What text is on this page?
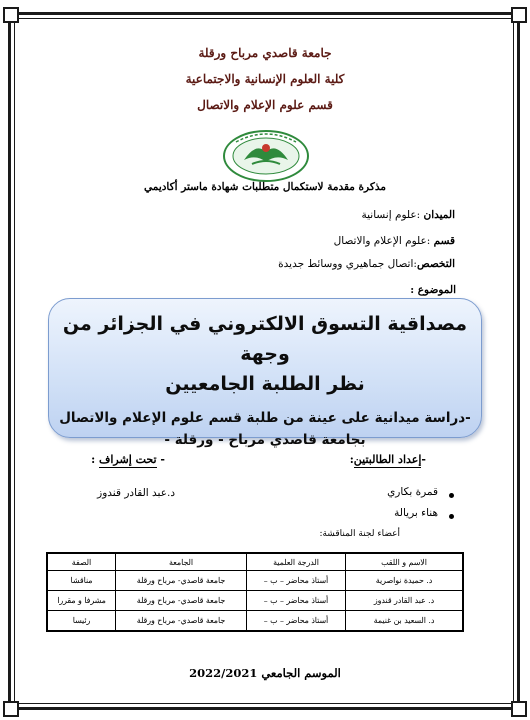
جامعة قاصدي مرباح ورقلة
كلية العلوم الإنسانية والاجتماعية
قسم علوم الإعلام والاتصال
مذكرة مقدمة لاستكمال متطلبات شهادة ماستر أكاديمي
الميدان :علوم إنسانية
قسم :علوم الإعلام والاتصال
التخصص:اتصال جماهيري ووسائط جديدة
الموضوع :
مصداقية التسوق الالكتروني في الجزائر من وجهة
نظر الطلبة الجامعيين
-دراسة ميدانية على عينة من طلبة قسم علوم الإعلام والاتصال
بجامعة قاصدي مرباح - ورقلة -
-إعداد الطالبتين:
- تحت إشراف :
قمرة بكاري
هناء بريالة
د.عبد القادر قندوز
أعضاء لجنة المناقشة:
الاسم و اللقب	الدرجة العلمية	الجامعة	الصفة
د. حميدة نواصرية	أستاذ محاضر – ب –	جامعة قاصدي- مرباح ورقلة	مناقشا
د. عبد القادر قندوز	أستاذ محاضر – ب –	جامعة قاصدي- مرباح ورقلة	مشرفا و مقررا
د. السعيد بن غنيمة	أستاذ محاضر – ب –	جامعة قاصدي- مرباح ورقلة	رئيسا
الموسم الجامعي 2022/2021
